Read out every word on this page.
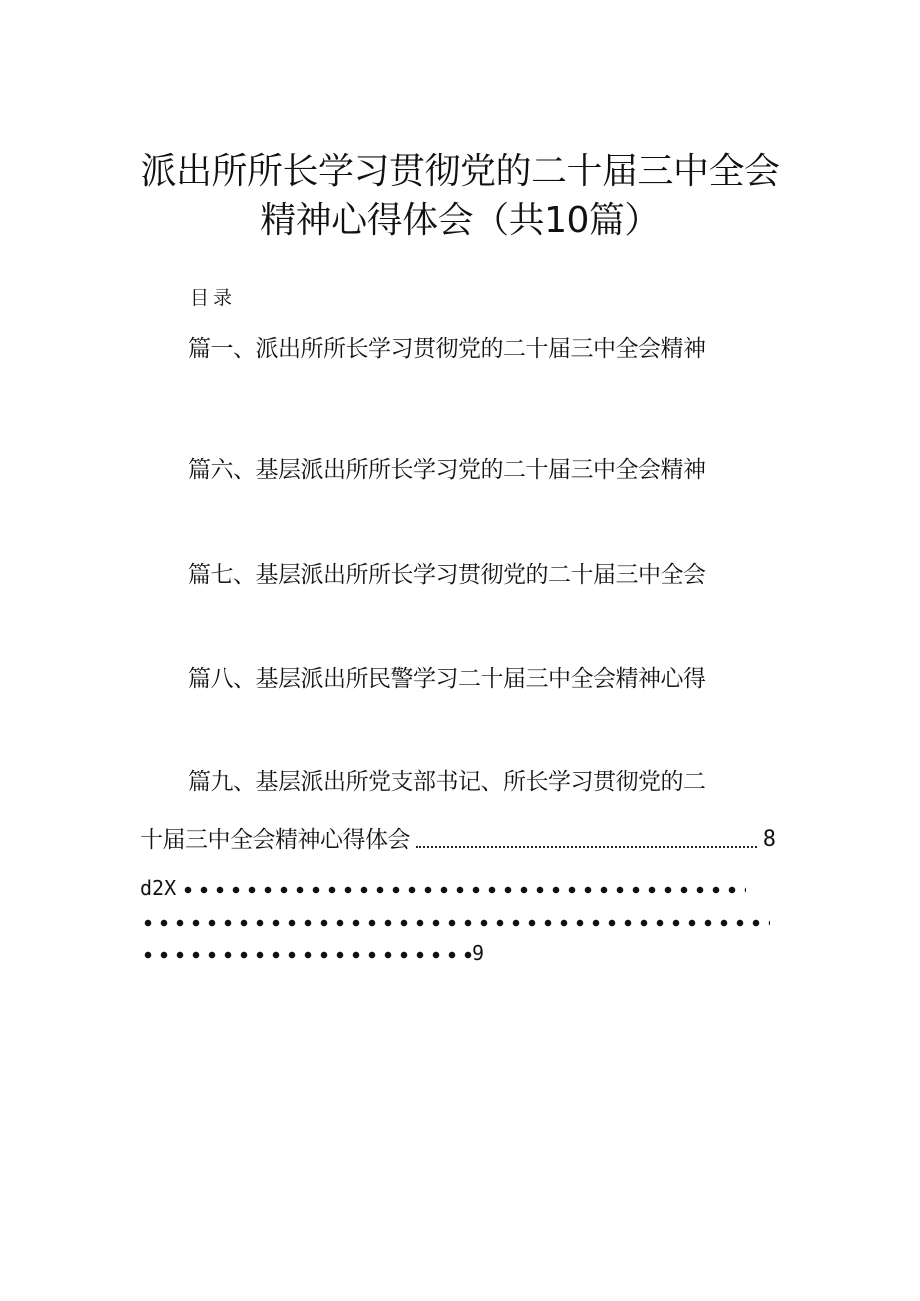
派出所所长学习贯彻党的二十届三中全会
精神心得体会（共10篇）
目录
篇一、派出所所长学习贯彻党的二十届三中全会精神
篇六、基层派出所所长学习党的二十届三中全会精神
篇七、基层派出所所长学习贯彻党的二十届三中全会
篇八、基层派出所民警学习二十届三中全会精神心得
篇九、基层派出所党支部书记、所长学习贯彻党的二
十届三中全会精神心得体会	8
d2X
9
